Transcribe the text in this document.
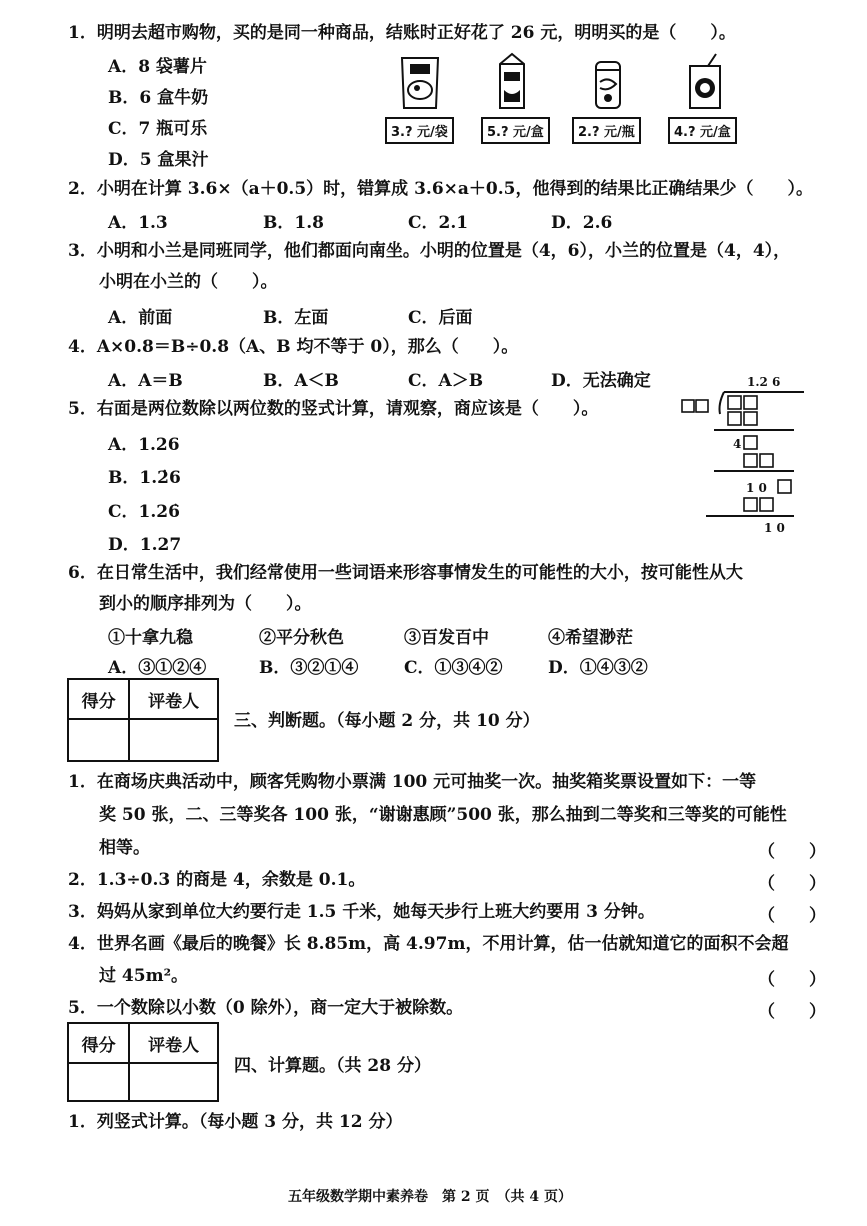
1．明明去超市购物，买的是同一种商品，结账时正好花了 26 元，明明买的是（　　）。
A．8 袋薯片
B．6 盒牛奶
C．7 瓶可乐
D．5 盒果汁
3.? 元/袋	5.? 元/盒	2.? 元/瓶	4.? 元/盒
2．小明在计算 3.6×（a＋0.5）时，错算成 3.6×a＋0.5，他得到的结果比正确结果少（　　）。
A．1.3	B．1.8	C．2.1	D．2.6
3．小明和小兰是同班同学，他们都面向南坐。小明的位置是（4，6），小兰的位置是（4，4），
小明在小兰的（　　）。
A．前面	B．左面	C．后面
4．A×0.8＝B÷0.8（A、B 均不等于 0），那么（　　）。
A．A＝B	B．A＜B	C．A＞B	D．无法确定
5．右面是两位数除以两位数的竖式计算，请观察，商应该是（　　）。
A．1.26
B．1.2̇6
C．1.26̇
D．1.27
1.2 6
4
1 0
1 0
6．在日常生活中，我们经常使用一些词语来形容事情发生的可能性的大小，按可能性从大
到小的顺序排列为（　　）。
①十拿九稳	②平分秋色	③百发百中	④希望渺茫
A．③①②④	B．③②①④	C．①③④②	D．①④③②
得分	评卷人

三、判断题。（每小题 2 分，共 10 分）
1．在商场庆典活动中，顾客凭购物小票满 100 元可抽奖一次。抽奖箱奖票设置如下：一等
奖 50 张，二、三等奖各 100 张，“谢谢惠顾”500 张，那么抽到二等奖和三等奖的可能性
相等。	（　　）
2．1.3÷0.3 的商是 4，余数是 0.1。	（　　）
3．妈妈从家到单位大约要行走 1.5 千米，她每天步行上班大约要用 3 分钟。	（　　）
4．世界名画《最后的晚餐》长 8.85m，高 4.97m，不用计算，估一估就知道它的面积不会超
过 45m²。	（　　）
5．一个数除以小数（0 除外），商一定大于被除数。	（　　）
得分	评卷人

四、计算题。（共 28 分）
1．列竖式计算。（每小题 3 分，共 12 分）
五年级数学期中素养卷　第 2 页　（共 4 页）
